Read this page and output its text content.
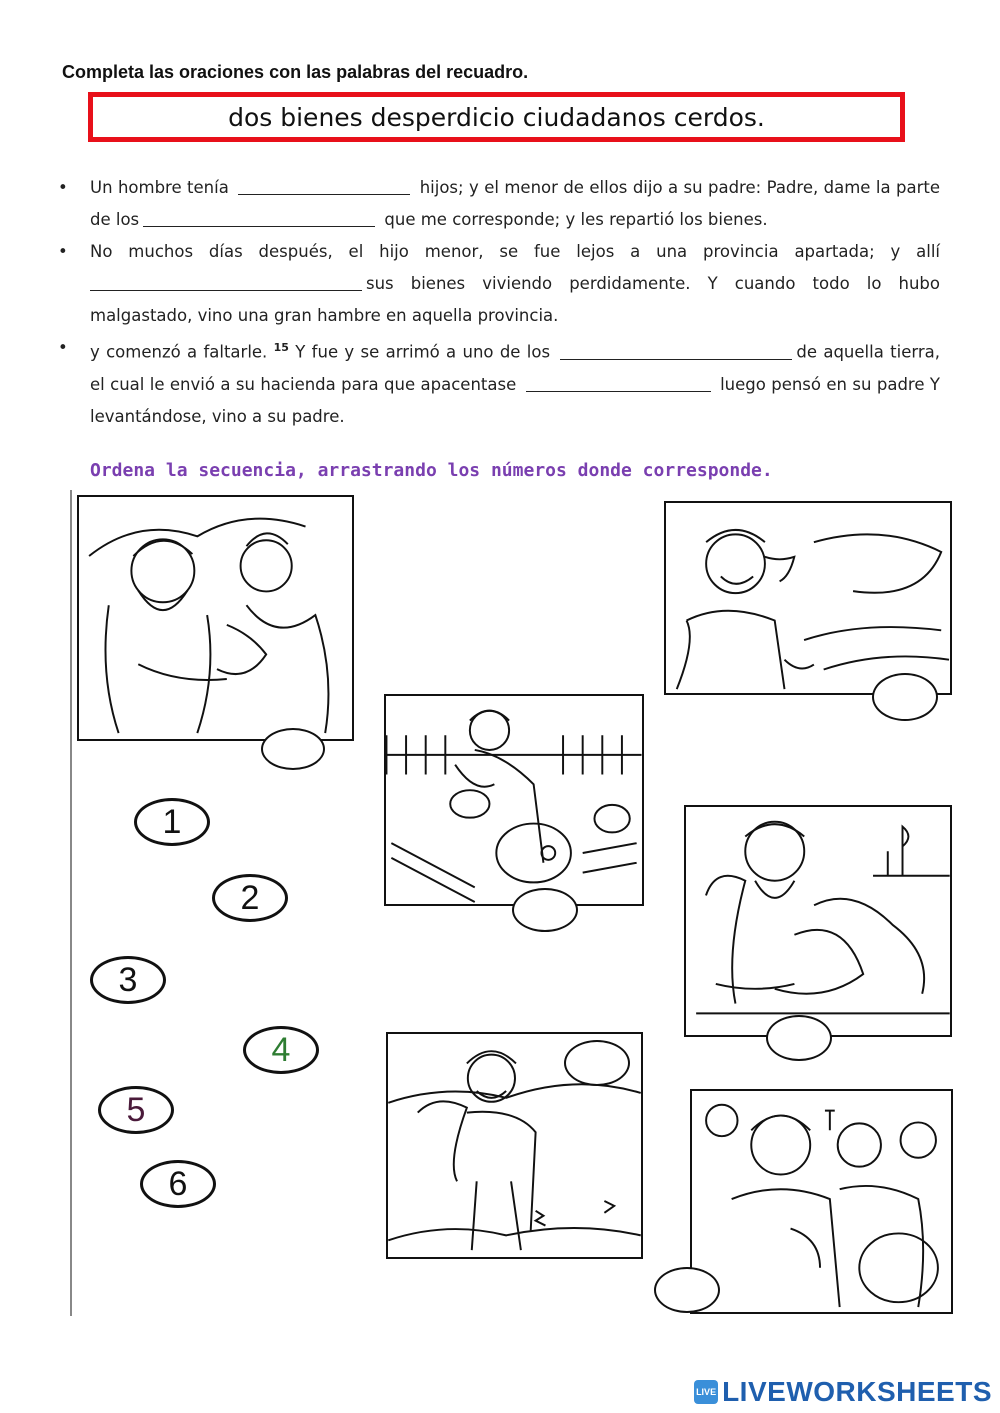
Completa las oraciones con las palabras del recuadro.
dos bienes desperdicio ciudadanos cerdos.
• Un hombre tenía	hijos; y el menor de ellos dijo a su padre: Padre, dame la parte de los	que me corresponde; y les repartió los bienes.
• No muchos días después, el hijo menor, se fue lejos a una provincia apartada; y allí sus bienes viviendo perdidamente. Y cuando todo lo hubo malgastado, vino una gran hambre en aquella provincia.
• y comenzó a faltarle. $^{15}$ Y fue y se arrimó a uno de los	de aquella tierra, el cual le envió a su hacienda para que apacentase	luego pensó en su padre Y levantándose, vino a su padre.
Ordena la secuencia, arrastrando los números donde corresponde.
1
2
3
4
5
6
LIVE LIVEWORKSHEETS
